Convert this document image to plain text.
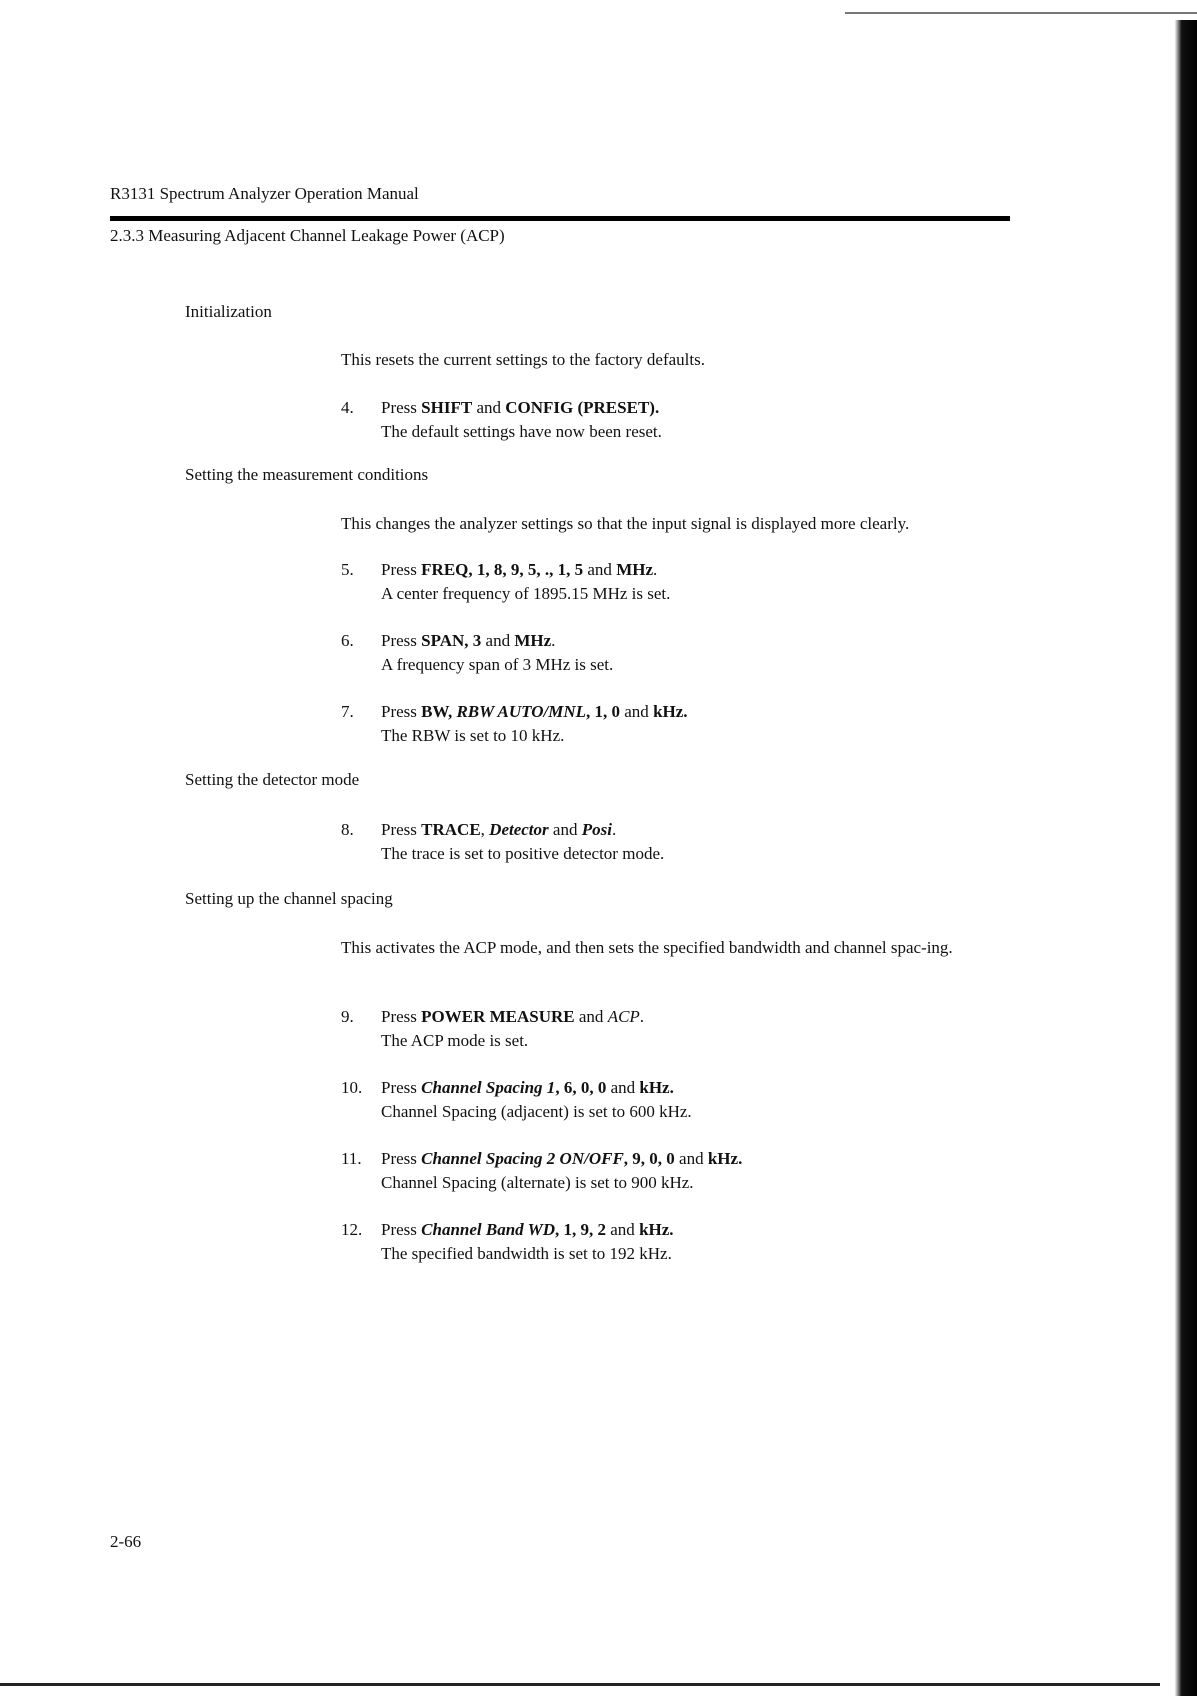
R3131 Spectrum Analyzer Operation Manual
2.3.3 Measuring Adjacent Channel Leakage Power (ACP)
Initialization
This resets the current settings to the factory defaults.
4.	Press SHIFT and CONFIG (PRESET).
The default settings have now been reset.
Setting the measurement conditions
This changes the analyzer settings so that the input signal is displayed more clearly.
5.	Press FREQ, 1, 8, 9, 5, ., 1, 5 and MHz.
A center frequency of 1895.15 MHz is set.
6.	Press SPAN, 3 and MHz.
A frequency span of 3 MHz is set.
7.	Press BW, RBW AUTO/MNL, 1, 0 and kHz.
The RBW is set to 10 kHz.
Setting the detector mode
8.	Press TRACE, Detector and Posi.
The trace is set to positive detector mode.
Setting up the channel spacing
This activates the ACP mode, and then sets the specified bandwidth and channel spac-ing.
9.	Press POWER MEASURE and ACP.
The ACP mode is set.
10.	Press Channel Spacing 1, 6, 0, 0 and kHz.
Channel Spacing (adjacent) is set to 600 kHz.
11.	Press Channel Spacing 2 ON/OFF, 9, 0, 0 and kHz.
Channel Spacing (alternate) is set to 900 kHz.
12.	Press Channel Band WD, 1, 9, 2 and kHz.
The specified bandwidth is set to 192 kHz.
2-66
